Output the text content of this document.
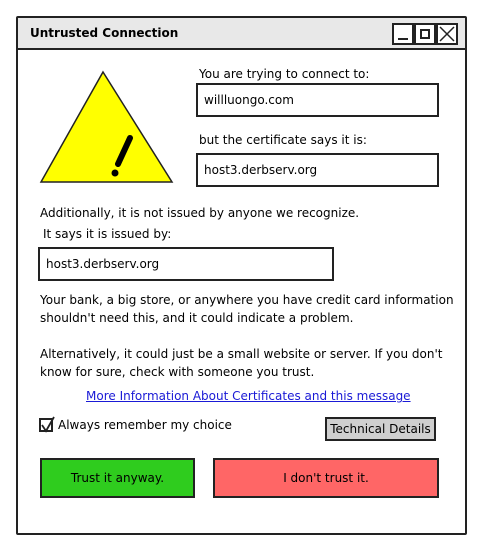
Untrusted Connection
You are trying to connect to:
willluongo.com
but the certificate says it is:
host3.derbserv.org
Additionally, it is not issued by anyone we recognize.
It says it is issued by:
host3.derbserv.org
Your bank, a big store, or anywhere you have credit card information
shouldn't need this, and it could indicate a problem.
Alternatively, it could just be a small website or server. If you don't
know for sure, check with someone you trust.
More Information About Certificates and this message
Always remember my choice	Technical Details
Trust it anyway.	I don't trust it.
